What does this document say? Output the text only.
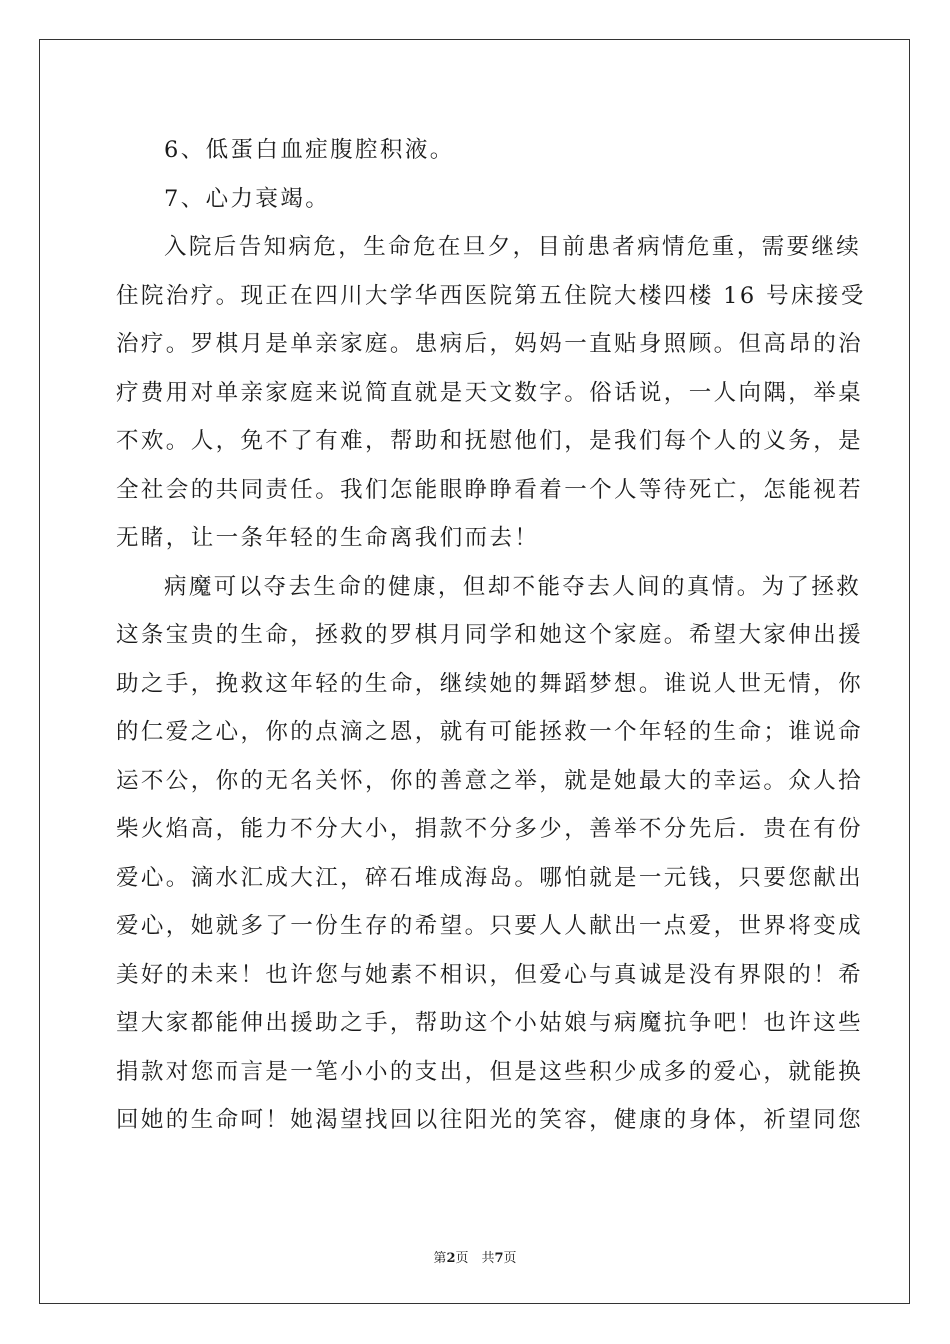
6、低蛋白血症腹腔积液。
7、心力衰竭。
入院后告知病危，生命危在旦夕，目前患者病情危重，需要继续
住院治疗。现正在四川大学华西医院第五住院大楼四楼 16 号床接受
治疗。罗棋月是单亲家庭。患病后，妈妈一直贴身照顾。但高昂的治
疗费用对单亲家庭来说简直就是天文数字。俗话说，一人向隅，举桌
不欢。人，免不了有难，帮助和抚慰他们，是我们每个人的义务，是
全社会的共同责任。我们怎能眼睁睁看着一个人等待死亡，怎能视若
无睹，让一条年轻的生命离我们而去！
病魔可以夺去生命的健康，但却不能夺去人间的真情。为了拯救
这条宝贵的生命，拯救的罗棋月同学和她这个家庭。希望大家伸出援
助之手，挽救这年轻的生命，继续她的舞蹈梦想。谁说人世无情，你
的仁爱之心，你的点滴之恩，就有可能拯救一个年轻的生命；谁说命
运不公，你的无名关怀，你的善意之举，就是她最大的幸运。众人拾
柴火焰高，能力不分大小，捐款不分多少，善举不分先后．贵在有份
爱心。滴水汇成大江，碎石堆成海岛。哪怕就是一元钱，只要您献出
爱心，她就多了一份生存的希望。只要人人献出一点爱，世界将变成
美好的未来！也许您与她素不相识，但爱心与真诚是没有界限的！希
望大家都能伸出援助之手，帮助这个小姑娘与病魔抗争吧！也许这些
捐款对您而言是一笔小小的支出，但是这些积少成多的爱心，就能换
回她的生命呵！她渴望找回以往阳光的笑容，健康的身体，祈望同您
第2页　共7页
